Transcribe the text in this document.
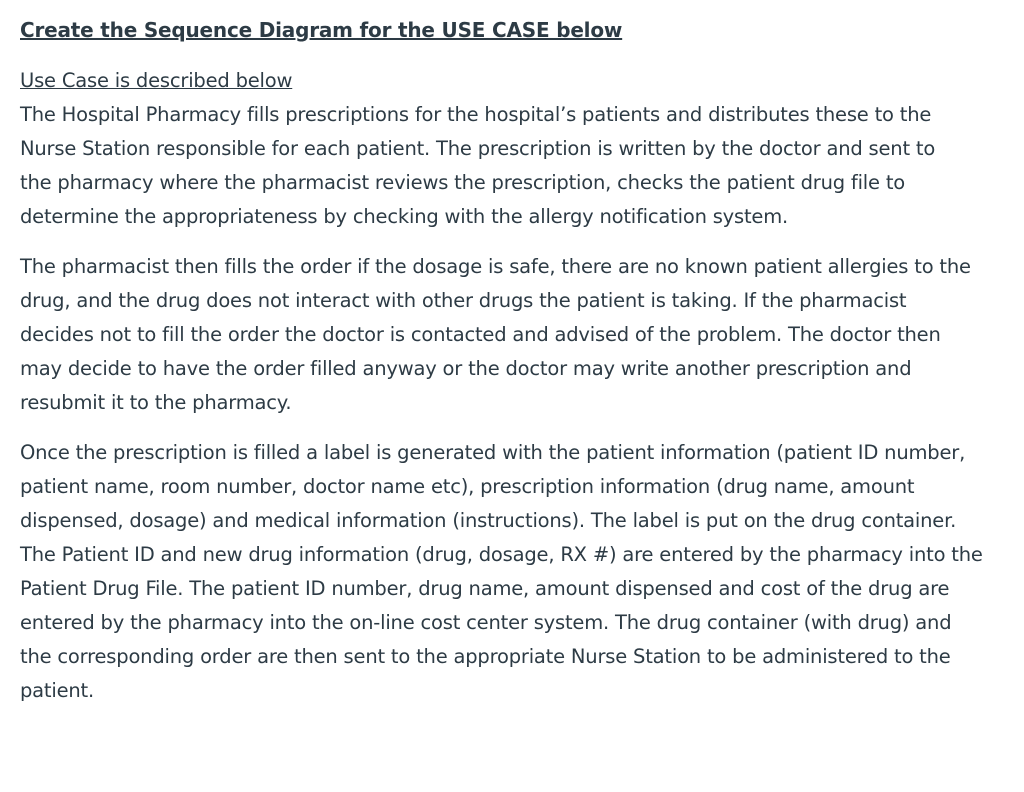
Create the Sequence Diagram for the USE CASE below
Use Case is described below
The Hospital Pharmacy fills prescriptions for the hospital’s patients and distributes these to the
Nurse Station responsible for each patient. The prescription is written by the doctor and sent to
the pharmacy where the pharmacist reviews the prescription, checks the patient drug file to
determine the appropriateness by checking with the allergy notification system.
The pharmacist then fills the order if the dosage is safe, there are no known patient allergies to the
drug, and the drug does not interact with other drugs the patient is taking. If the pharmacist
decides not to fill the order the doctor is contacted and advised of the problem. The doctor then
may decide to have the order filled anyway or the doctor may write another prescription and
resubmit it to the pharmacy.
Once the prescription is filled a label is generated with the patient information (patient ID number,
patient name, room number, doctor name etc), prescription information (drug name, amount
dispensed, dosage) and medical information (instructions). The label is put on the drug container.
The Patient ID and new drug information (drug, dosage, RX #) are entered by the pharmacy into the
Patient Drug File. The patient ID number, drug name, amount dispensed and cost of the drug are
entered by the pharmacy into the on-line cost center system. The drug container (with drug) and
the corresponding order are then sent to the appropriate Nurse Station to be administered to the
patient.
